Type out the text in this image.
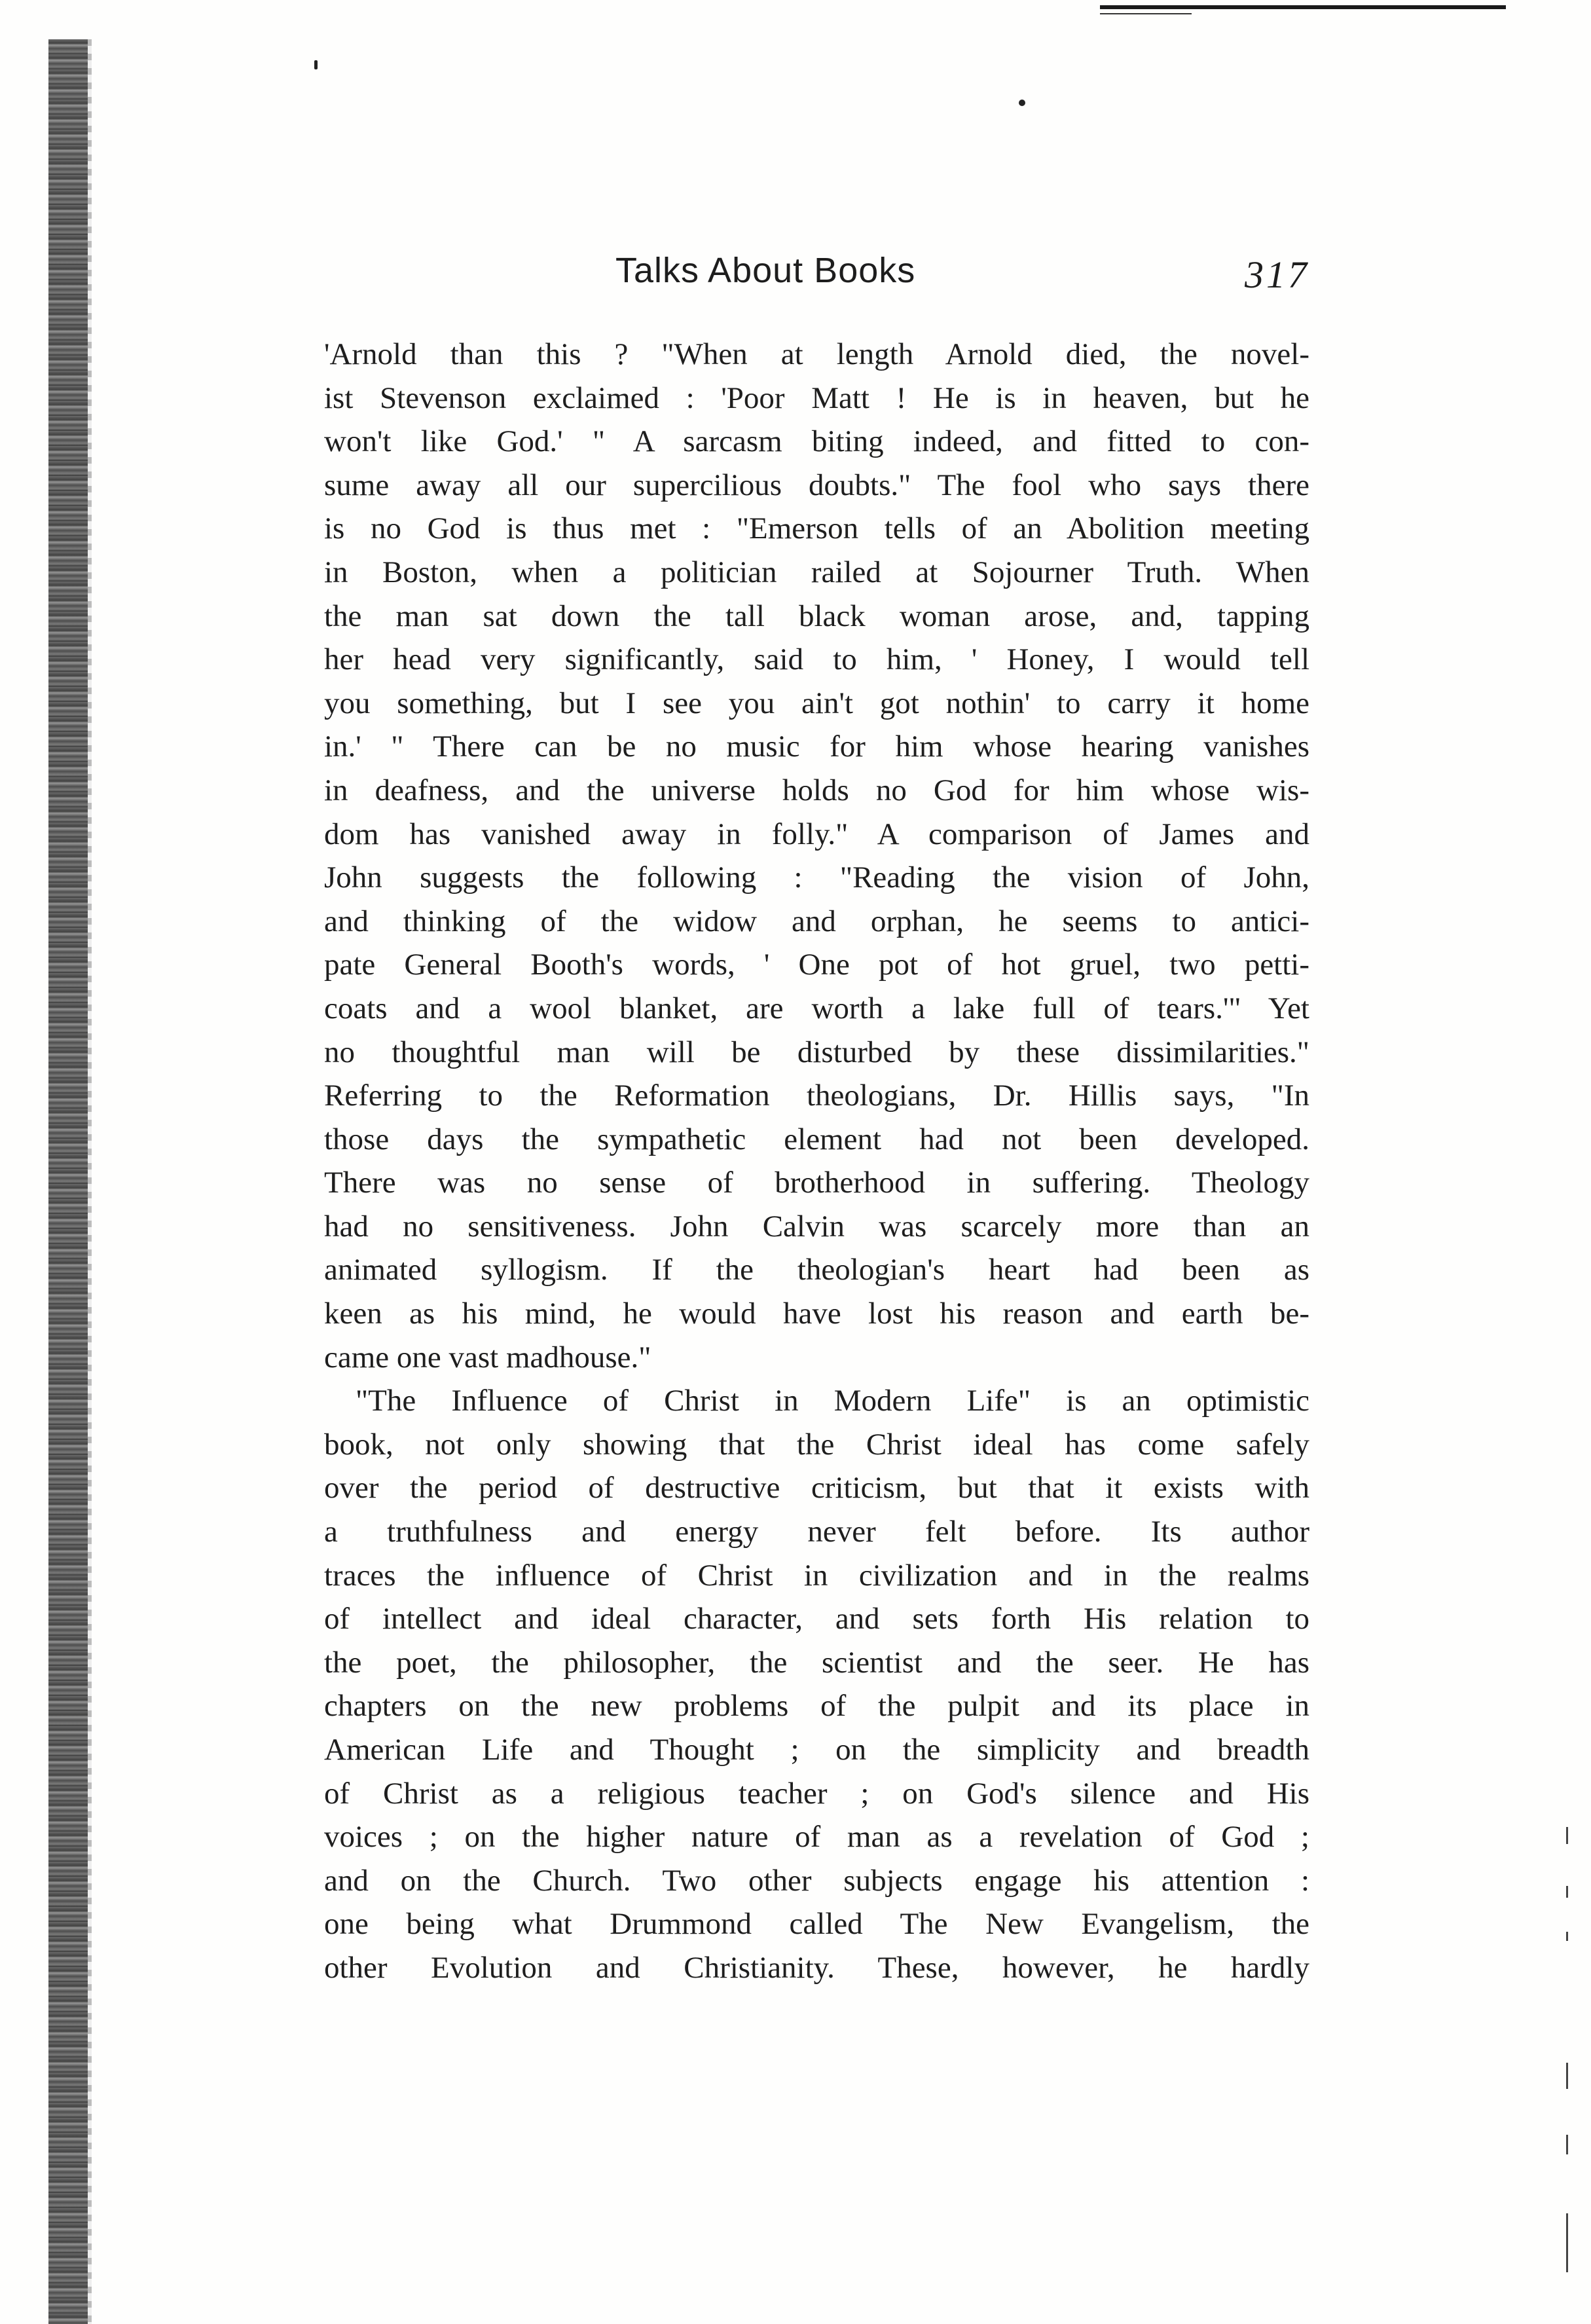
Talks About Books	317
'Arnold than this ? "When at length Arnold died, the novel-
ist Stevenson exclaimed : 'Poor Matt ! He is in heaven, but he
won't like God.' " A sarcasm biting indeed, and fitted to con-
sume away all our supercilious doubts." The fool who says there
is no God is thus met : "Emerson tells of an Abolition meeting
in Boston, when a politician railed at Sojourner Truth. When
the man sat down the tall black woman arose, and, tapping
her head very significantly, said to him, ' Honey, I would tell
you something, but I see you ain't got nothin' to carry it home
in.' " There can be no music for him whose hearing vanishes
in deafness, and the universe holds no God for him whose wis-
dom has vanished away in folly." A comparison of James and
John suggests the following : "Reading the vision of John,
and thinking of the widow and orphan, he seems to antici-
pate General Booth's words, ' One pot of hot gruel, two petti-
coats and a wool blanket, are worth a lake full of tears.'" Yet
no thoughtful man will be disturbed by these dissimilarities."
Referring to the Reformation theologians, Dr. Hillis says, "In
those days the sympathetic element had not been developed.
There was no sense of brotherhood in suffering. Theology
had no sensitiveness. John Calvin was scarcely more than an
animated syllogism. If the theologian's heart had been as
keen as his mind, he would have lost his reason and earth be-
came one vast madhouse."
"The Influence of Christ in Modern Life" is an optimistic
book, not only showing that the Christ ideal has come safely
over the period of destructive criticism, but that it exists with
a truthfulness and energy never felt before. Its author
traces the influence of Christ in civilization and in the realms
of intellect and ideal character, and sets forth His relation to
the poet, the philosopher, the scientist and the seer. He has
chapters on the new problems of the pulpit and its place in
American Life and Thought ; on the simplicity and breadth
of Christ as a religious teacher ; on God's silence and His
voices ; on the higher nature of man as a revelation of God ;
and on the Church. Two other subjects engage his attention :
one being what Drummond called The New Evangelism, the
other Evolution and Christianity. These, however, he hardly
